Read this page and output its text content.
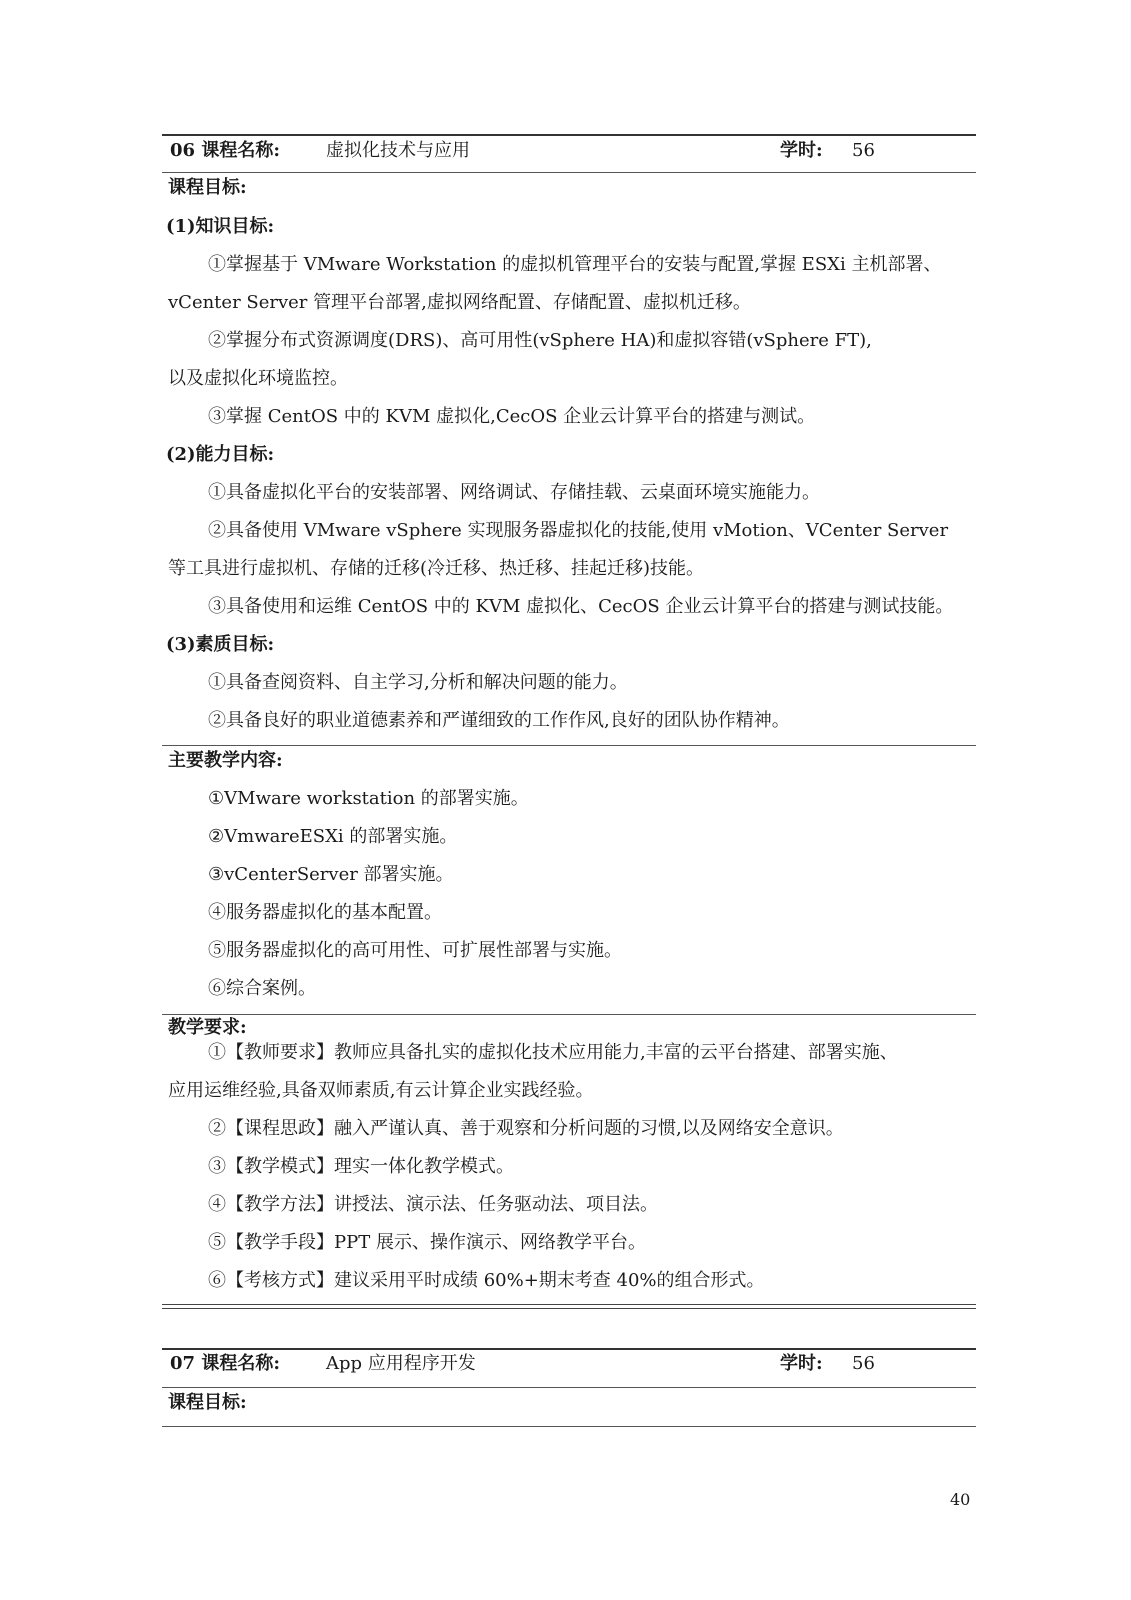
06 课程名称:	虚拟化技术与应用	学时: 56
课程目标:
(1)知识目标:
①掌握基于 VMware Workstation 的虚拟机管理平台的安装与配置,掌握 ESXi 主机部署、
vCenter Server 管理平台部署,虚拟网络配置、存储配置、虚拟机迁移。
②掌握分布式资源调度(DRS)、高可用性(vSphere HA)和虚拟容错(vSphere FT),
以及虚拟化环境监控。
③掌握 CentOS 中的 KVM 虚拟化,CecOS 企业云计算平台的搭建与测试。
(2)能力目标:
①具备虚拟化平台的安装部署、网络调试、存储挂载、云桌面环境实施能力。
②具备使用 VMware vSphere 实现服务器虚拟化的技能,使用 vMotion、VCenter Server
等工具进行虚拟机、存储的迁移(冷迁移、热迁移、挂起迁移)技能。
③具备使用和运维 CentOS 中的 KVM 虚拟化、CecOS 企业云计算平台的搭建与测试技能。
(3)素质目标:
①具备查阅资料、自主学习,分析和解决问题的能力。
②具备良好的职业道德素养和严谨细致的工作作风,良好的团队协作精神。
主要教学内容:
①VMware workstation 的部署实施。
②VmwareESXi 的部署实施。
③vCenterServer 部署实施。
④服务器虚拟化的基本配置。
⑤服务器虚拟化的高可用性、可扩展性部署与实施。
⑥综合案例。
教学要求:
①【教师要求】教师应具备扎实的虚拟化技术应用能力,丰富的云平台搭建、部署实施、
应用运维经验,具备双师素质,有云计算企业实践经验。
②【课程思政】融入严谨认真、善于观察和分析问题的习惯,以及网络安全意识。
③【教学模式】理实一体化教学模式。
④【教学方法】讲授法、演示法、任务驱动法、项目法。
⑤【教学手段】PPT 展示、操作演示、网络教学平台。
⑥【考核方式】建议采用平时成绩 60%+期末考查 40%的组合形式。
07 课程名称:	App 应用程序开发	学时: 56
课程目标:
40
